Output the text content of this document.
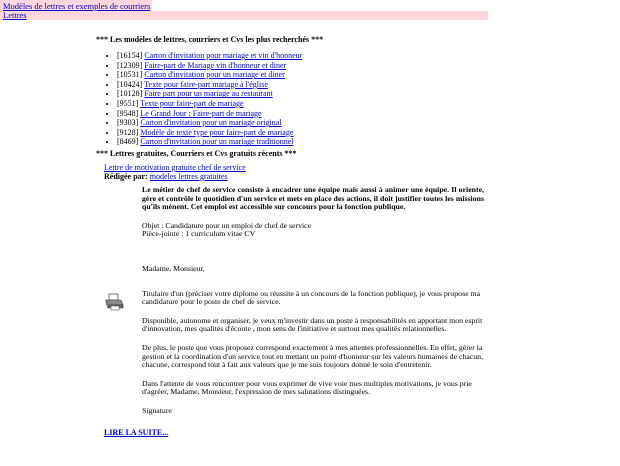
Modèles de lettres et exemples de courriers
Lettres
*** Les modèles de lettres, courriers et Cvs les plus recherchés ***
• [16154] Carton d'invitation pour mariage et vin d'honneur
• [12309] Faire-part de Mariage vin d'honneur et diner
• [10531] Carton d'invitation pour un mariage et diner
• [10424] Texte pour faire-part mariage à l'église
• [10128] Faire part pour un mariage au restaurant
• [9551] Texte pour faire-part de mariage
• [9548] Le Grand Jour : Faire-part de mariage
• [9303] Carton d'invitation pour un mariage original
• [9128] Modèle de texte type pour faire-part de mariage
• [8469] Carton d'invitation pour un mariage traditionnel
*** Lettres gratuites, Courriers et Cvs gratuits récents ***
Lettre de motivation gratuite chef de service
Rédigée par: modeles lettres gratuites

Le métier de chef de service consiste à encadrer une équipe mais aussi à animer une équipe. Il oriente, gère et contrôle le quotidien d'un service et mets en place des actions, il doit justifier toutes les missions qu'ils mènent. Cet emploi est accessible sur concours pour la fonction publique.

Objet : Candidature pour un emploi de chef de service

Pièce-jointe : 1 curriculum vitae CV

Madame, Monsieur,

Titulaire d'un (préciser votre diplome ou réussite à un concours de la fonction publique), je vous propose ma candidature pour le poste de chef de service.

Disponible, autonome et organiser, je veux m'investir dans un poste à responsabilités en apportant mon esprit d'innovation, mes qualités d'écoute , mon sens de l'initiative et surtout mes qualités relationnelles.

De plus, le poste que vous proposez correspond exactement à mes attentes professionnelles. En effet, gérer la gestion et la coordination d'un service tout en mettant un point d'honneur sur les valeurs humaines de chacun, chacune, correspond tout à fait aux valeurs que je me suis toujours donné le soin d'entretenir.

Dans l'attente de vous rencontrer pour vous exprimer de vive voie mes multiples motivations, je vous prie d'agréer, Madame, Monsieur, l'expression de mes salutations distinguées.

Signature

LIRE LA SUITE...
